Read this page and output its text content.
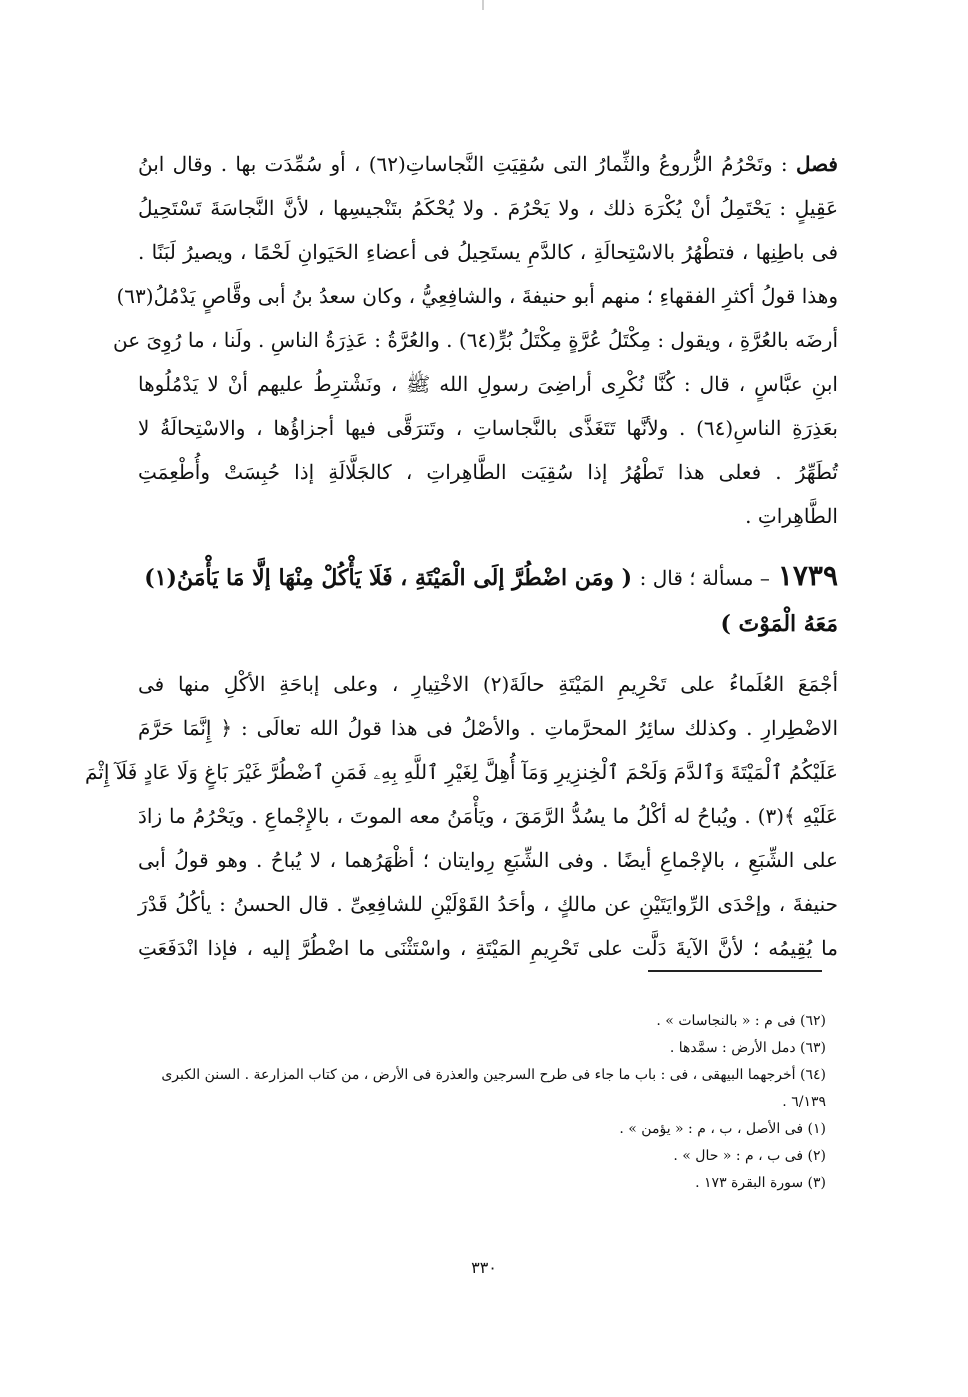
فصل : وتَحْرُمُ الزُّروعُ والثِّمارُ التى سُقِيَتِ النَّجاساتِ(٦٢) ، أو سُمِّدَت بها . وقال ابنُ
عَقِيلٍ : يَحْتَمِلُ أنْ يُكْرَهَ ذلك ، ولا يَحْرُمَ . ولا يُحْكَمُ بتَنْجيسِها ، لأنَّ النَّجاسَةَ تَسْتَحِيلُ
فى باطِنِها ، فتطْهُرُ بالاسْتِحالَةِ ، كالدَّمِ يستَحِيلُ فى أعضاءِ الحَيَوانِ لَحْمًا ، ويصيرُ لَبَنًا .
وهذا قولُ أكثرِ الفقهاءِ ؛ منهم أبو حنيفةَ ، والشافِعِيُّ ، وكان سعدُ بنُ أبى وقَّاصٍ يَدْمُلُ(٦٣)
أرضَه بالعُرَّةِ ، ويقول : مِكْتَلُ عُرَّةٍ مِكْتَلُ بُرٍّ(٦٤) . والعُرَّةُ : عَذِرَةُ الناسِ . ولَنا ، ما رُوِىَ عن
ابنِ عبَّاسٍ ، قال : كُنَّا نُكْرِى أراضِىَ رسولِ الله ﷺ ، ونَشْترِطُ عليهم أنْ لا يَدْمُلُوها
بعَذِرَةِ الناسِ(٦٤) . ولأنَّها تَتَغَذَّى بالنَّجاساتِ ، وتَترَقَّى فيها أجزاؤُها ، والاسْتِحالَةُ لا
تُطَهِّرُ . فعلى هذا تَطْهُرُ إذا سُقِيَت الطَّاهِراتِ ، كالجَلَّالَةِ إذا حُبِسَتْ وأُطْعِمَتِ
الطَّاهِراتِ .
١٧٣٩– مسألة ؛ قال : ( ومَن اضْطُرَّ إلَى الْمَيْتَةِ ، فَلَا يَأْكُلْ مِنْهَا إلَّا مَا يَأْمَنُ(١)
مَعَهُ الْمَوْتَ )
أجْمَعَ العُلَماءُ على تَحْرِيمِ المَيْتَةِ حالَةَ(٢) الاخْتِيارِ ، وعلى إباحَةِ الأكْلِ منها فى
الاضْطِرارِ . وكذلك سائِرُ المحرَّماتِ . والأصْلُ فى هذا قولُ الله تعالَى : ﴿ إِنَّمَا حَرَّمَ
عَلَيْكُمُ ٱلْمَيْتَةَ وَٱلدَّمَ وَلَحْمَ ٱلْخِنزِيرِ وَمَآ أُهِلَّ لِغَيْرِ ٱللَّهِ بِهِۦ فَمَنِ ٱضْطُرَّ غَيْرَ بَاغٍ وَلَا عَادٍ فَلَآ إِثْمَ
عَلَيْهِ ﴾(٣) . ويُباحُ له أكْلُ ما يسُدُّ الرَّمَقَ ، ويَأْمَنُ معه الموتَ ، بالإِجْماعِ . ويَحْرُمُ ما زادَ
على الشِّبَعِ ، بالإجْماعِ أيضًا . وفى الشِّبَعِ رِوايتان ؛ أظْهَرُهما ، لا يُباحُ . وهو قولُ أبى
حنيفةَ ، وإحْدَى الرِّوايَتَيْنِ عن مالكٍ ، وأحَدُ القَوْلَيْنِ للشافِعِىِّ . قال الحسنُ : يأكُلُ قَدْرَ
ما يُقِيمُه ؛ لأنَّ الآيةَ دَلَّت على تَحْرِيمِ المَيْتَةِ ، واسْتَثْنَى ما اضْطُرَّ إليه ، فإذا انْدَفَعَتِ
(٦٢) فى م : « بالنجاسات » .
(٦٣) دمل الأرض : سمَّدها .
(٦٤) أخرجهما البيهقى ، فى : باب ما جاء فى طرح السرجين والعذرة فى الأرض ، من كتاب المزارعة . السنن الكبرى
٦/١٣٩ .
(١) فى الأصل ، ب ، م : « يؤمن » .
(٢) فى ب ، م : « حال » .
(٣) سورة البقرة ١٧٣ .
٣٣٠
